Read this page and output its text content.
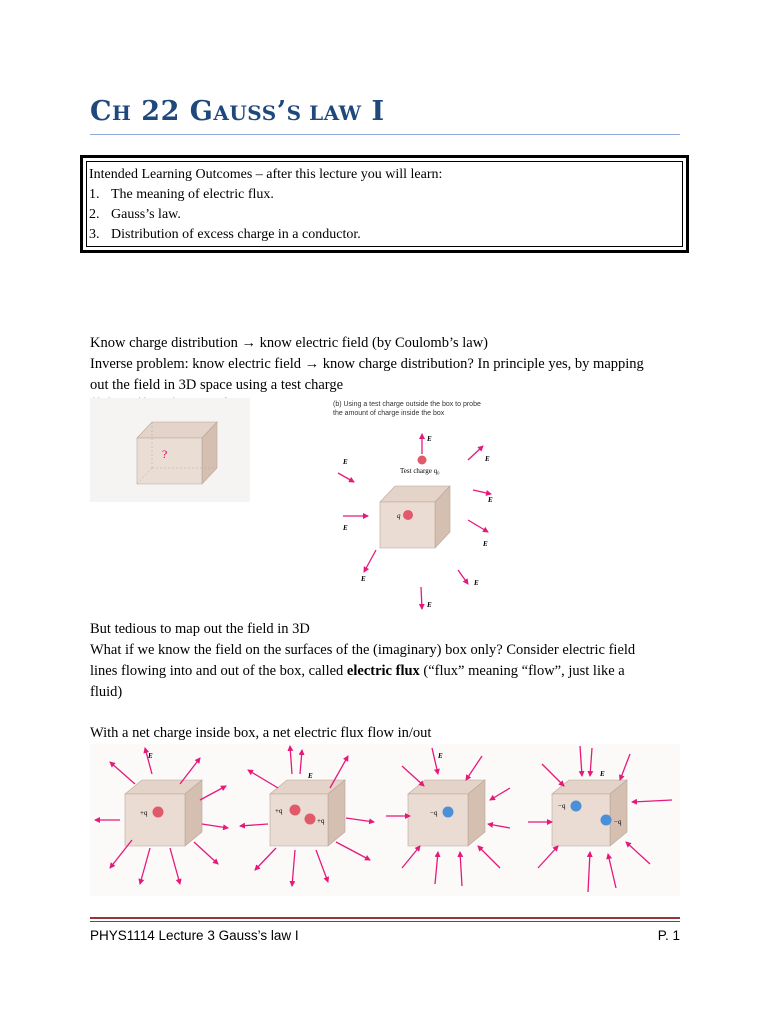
CH 22 GAUSS’S LAW I
Intended Learning Outcomes – after this lecture you will learn:
1. The meaning of electric flux.
2. Gauss’s law.
3. Distribution of excess charge in a conductor.
Know charge distribution → know electric field (by Coulomb’s law)
Inverse problem: know electric field → know charge distribution? In principle yes, by mapping
out the field in 3D space using a test charge

?
(b) Using a test charge outside the box to probe
the amount of charge inside the box
q
Test charge q₀
E
E
E
E
E
E
E	E
E
But tedious to map out the field in 3D
What if we know the field on the surfaces of the (imaginary) box only? Consider electric field
lines flowing into and out of the box, called electric flux (“flux” meaning “flow”, just like a
fluid)
With a net charge inside box, a net electric flux flow in/out
+q
E
+q
+q
E
−q
E
−q
−q
E
PHYS1114 Lecture 3 Gauss’s law I	P. 1
